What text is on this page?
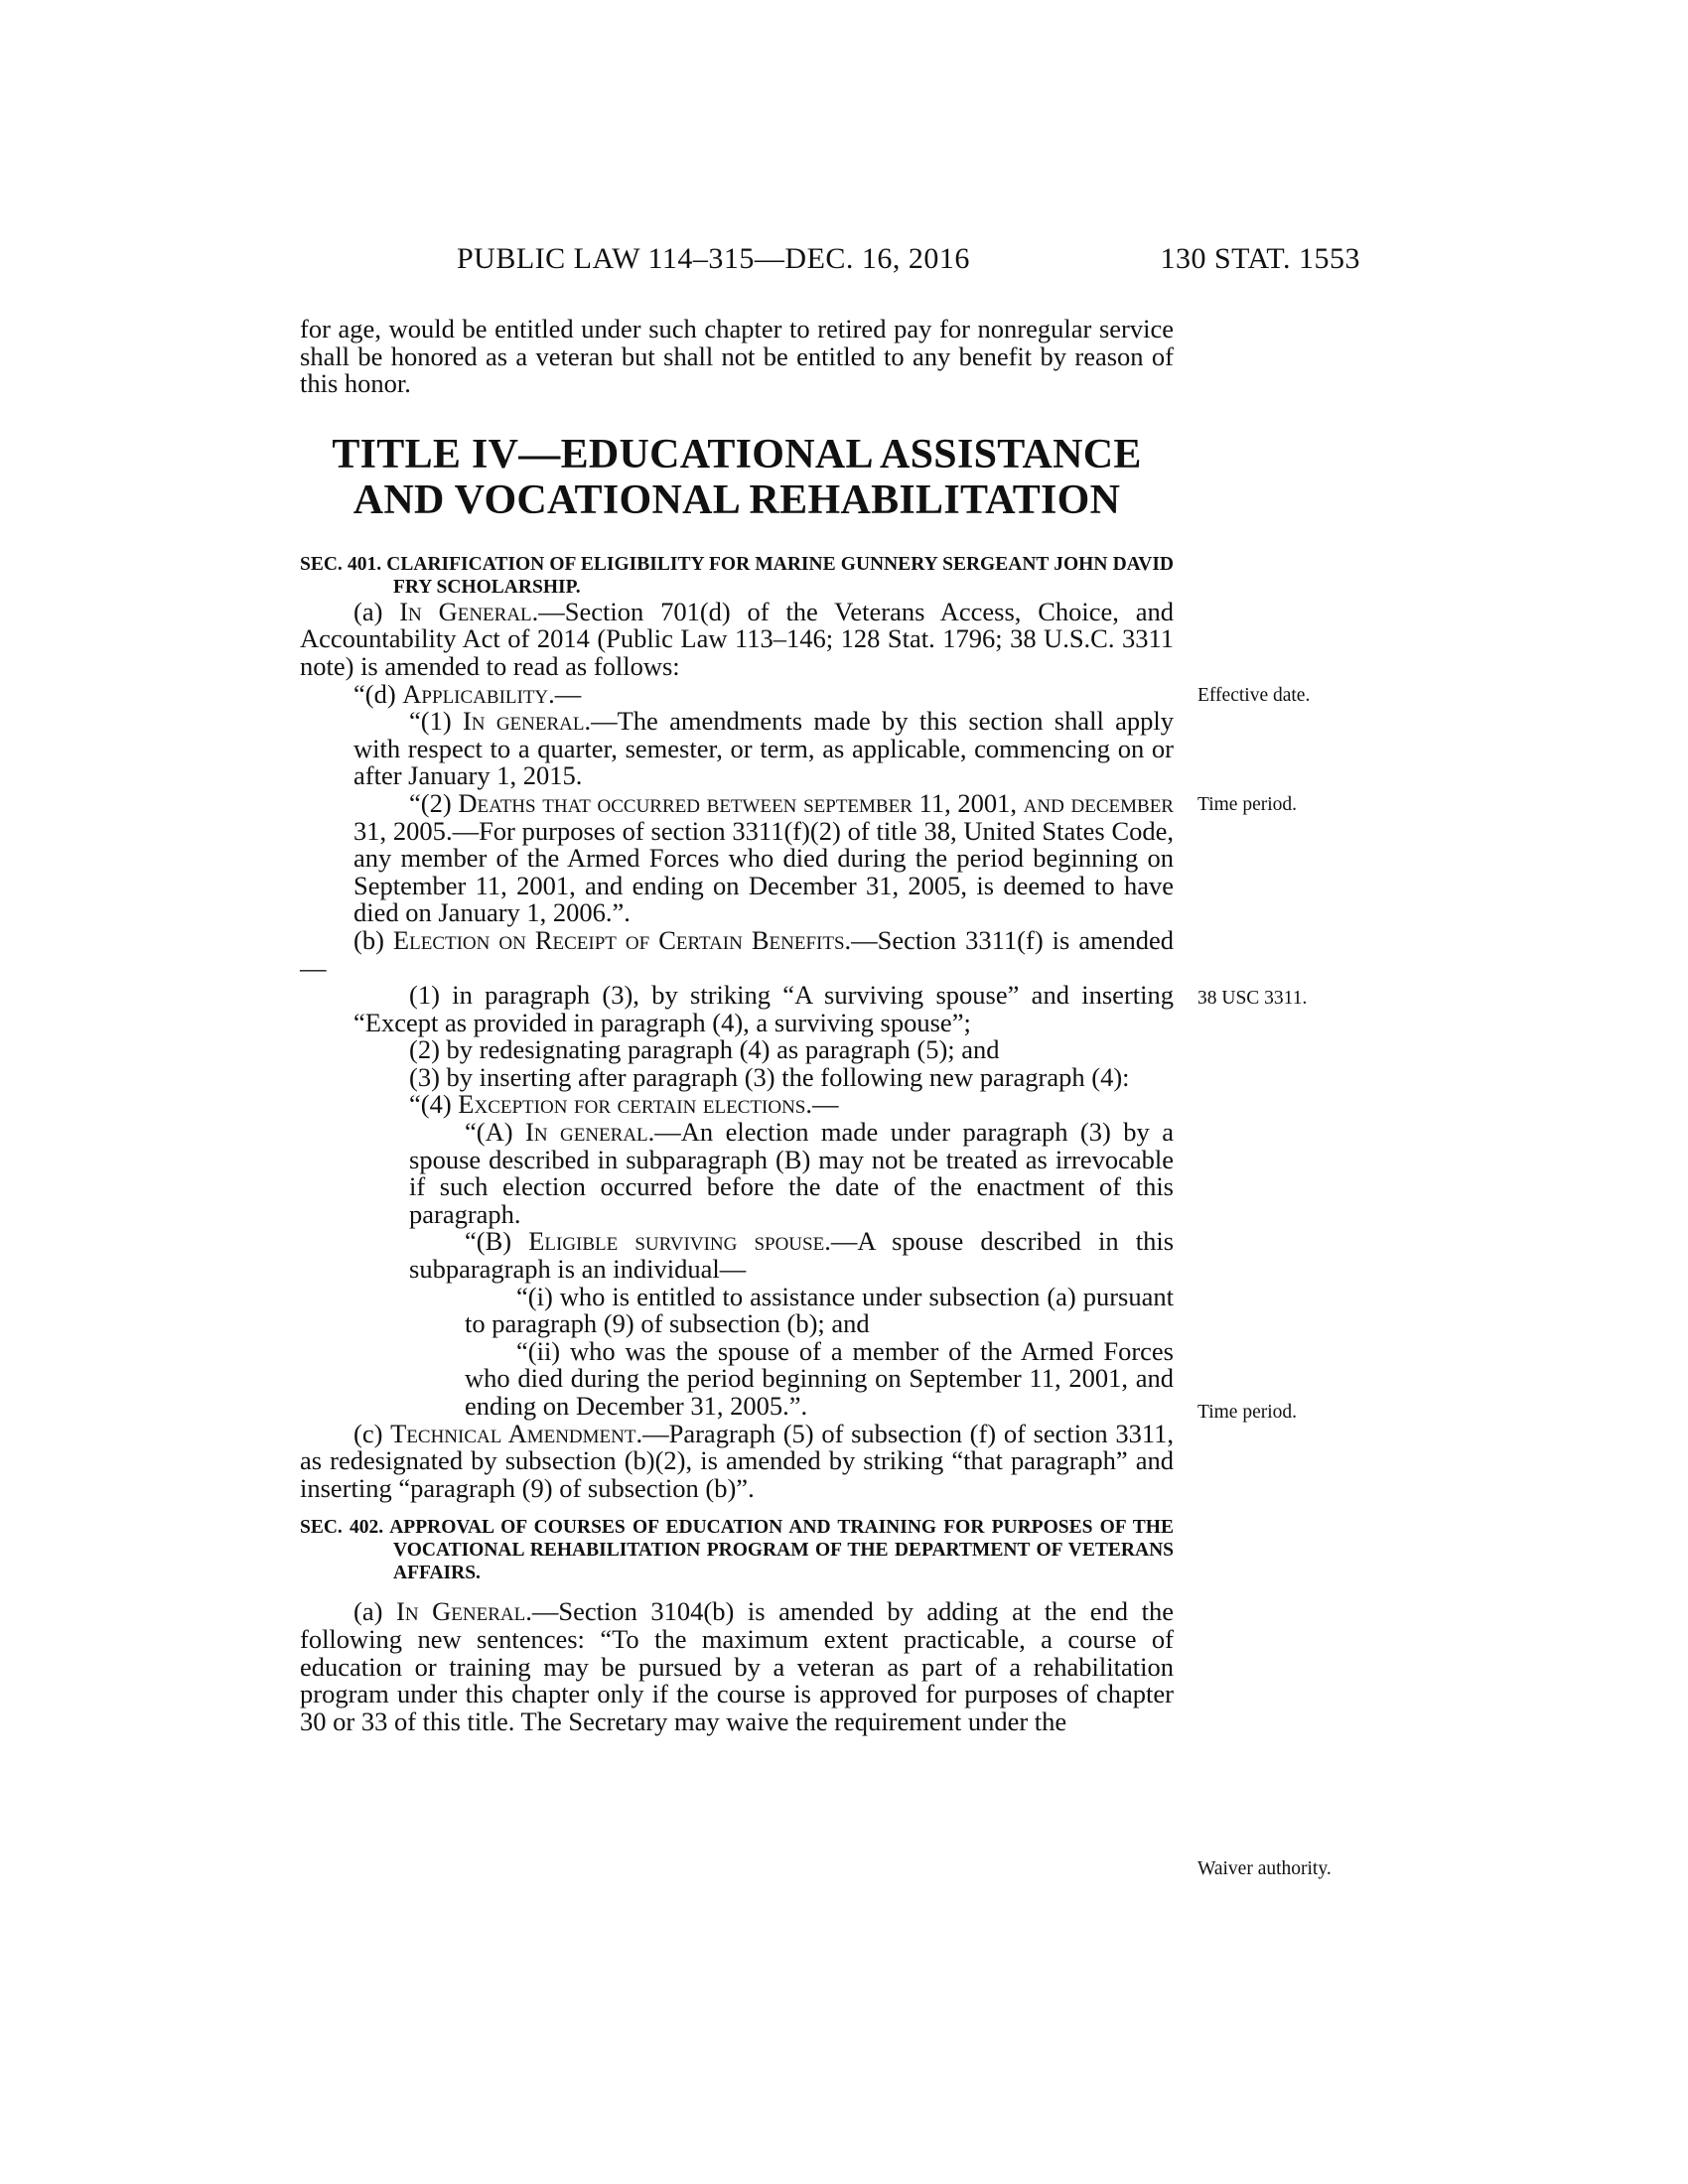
PUBLIC LAW 114–315—DEC. 16, 2016	130 STAT. 1553

for age, would be entitled under such chapter to retired pay for nonregular service shall be honored as a veteran but shall not be entitled to any benefit by reason of this honor.

TITLE IV—EDUCATIONAL ASSISTANCE
AND VOCATIONAL REHABILITATION

SEC. 401. CLARIFICATION OF ELIGIBILITY FOR MARINE GUNNERY SERGEANT JOHN DAVID FRY SCHOLARSHIP.

(a) In General.—Section 701(d) of the Veterans Access, Choice, and Accountability Act of 2014 (Public Law 113–146; 128 Stat. 1796; 38 U.S.C. 3311 note) is amended to read as follows:

“(d) Applicability.—

“(1) In general.—The amendments made by this section shall apply with respect to a quarter, semester, or term, as applicable, commencing on or after January 1, 2015.

“(2) Deaths that occurred between september 11, 2001, and december 31, 2005.—For purposes of section 3311(f)(2) of title 38, United States Code, any member of the Armed Forces who died during the period beginning on September 11, 2001, and ending on December 31, 2005, is deemed to have died on January 1, 2006.”.

(b) Election on Receipt of Certain Benefits.—Section 3311(f) is amended—

(1) in paragraph (3), by striking “A surviving spouse” and inserting “Except as provided in paragraph (4), a surviving spouse”;

(2) by redesignating paragraph (4) as paragraph (5); and

(3) by inserting after paragraph (3) the following new paragraph (4):

“(4) Exception for certain elections.—

“(A) In general.—An election made under paragraph (3) by a spouse described in subparagraph (B) may not be treated as irrevocable if such election occurred before the date of the enactment of this paragraph.

“(B) Eligible surviving spouse.—A spouse described in this subparagraph is an individual—

“(i) who is entitled to assistance under subsection (a) pursuant to paragraph (9) of subsection (b); and

“(ii) who was the spouse of a member of the Armed Forces who died during the period beginning on September 11, 2001, and ending on December 31, 2005.”.

(c) Technical Amendment.—Paragraph (5) of subsection (f) of section 3311, as redesignated by subsection (b)(2), is amended by striking “that paragraph” and inserting “paragraph (9) of subsection (b)”.

SEC. 402. APPROVAL OF COURSES OF EDUCATION AND TRAINING FOR PURPOSES OF THE VOCATIONAL REHABILITATION PROGRAM OF THE DEPARTMENT OF VETERANS AFFAIRS.

(a) In General.—Section 3104(b) is amended by adding at the end the following new sentences: “To the maximum extent practicable, a course of education or training may be pursued by a veteran as part of a rehabilitation program under this chapter only if the course is approved for purposes of chapter 30 or 33 of this title. The Secretary may waive the requirement under the

Effective date.
Time period.
38 USC 3311.
Time period.
Waiver authority.
